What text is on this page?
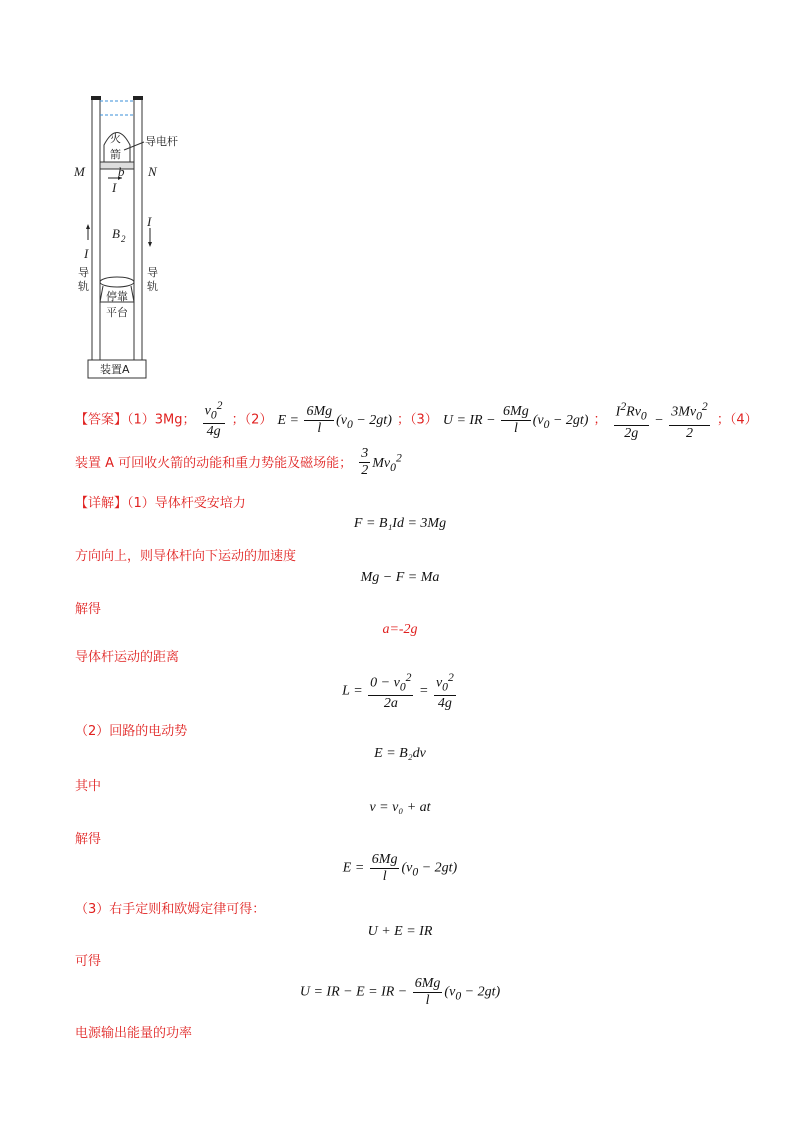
火
箭
导电杆
M	N
b
I
I
I
B 2
导
轨
导
轨
停靠
平台
装置A
【答案】（1）3Mg； $\frac{v_0^2}{4g}$ ；（2） $E = \frac{6Mg}{l} (v_0 - 2gt)$ ；（3） U = IR − $\frac{6Mg}{l} (v_0 - 2gt)$ ； $\frac{I^2Rv_0}{2g} - \frac{3Mv_0^2}{2}$ ；（4）
装置 A 可回收火箭的动能和重力势能及磁场能； $\frac{3}{2} Mv_0^2$
【详解】（1）导体杆受安培力
F = B₁Id = 3Mg
方向向上，则导体杆向下运动的加速度
Mg − F = Ma
解得
a=-2g
导体杆运动的距离
$L = \frac{0 - v_0^2}{2a} = \frac{v_0^2}{4g}$
（2）回路的电动势
E = B₂dv
其中
v = v₀ + at
解得
$E = \frac{6Mg}{l} (v_0 - 2gt)$
（3）右手定则和欧姆定律可得：
U + E = IR
可得
U = IR − E = IR − $\frac{6Mg}{l} (v_0 - 2gt)$
电源输出能量的功率
